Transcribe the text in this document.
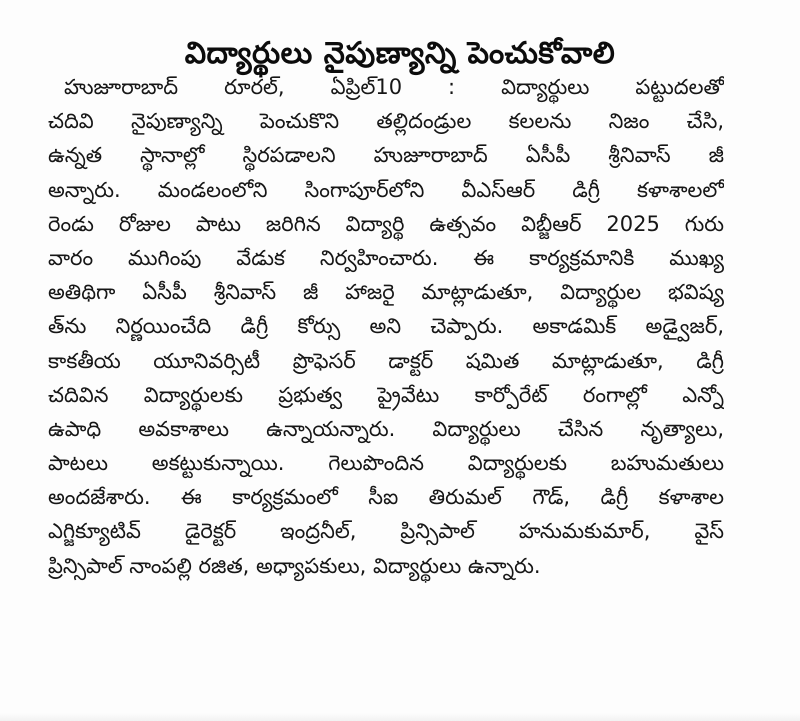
విద్యార్థులు నైపుణ్యాన్ని పెంచుకోవాలి
హుజూరాబాద్ రూరల్, ఏప్రిల్10 : విద్యార్థులు పట్టుదలతో
చదివి నైపుణ్యాన్ని పెంచుకొని తల్లిదండ్రుల కలలను నిజం చేసి,
ఉన్నత స్థానాల్లో స్థిరపడాలని హుజూరాబాద్ ఏసీపీ శ్రీనివాస్ జీ
అన్నారు. మండలంలోని సింగాపూర్‌లోని వీఎస్ఆర్ డిగ్రీ కళాశాలలో
రెండు రోజుల పాటు జరిగిన విద్యార్థి ఉత్సవం విబ్జీఆర్ 2025 గురు
వారం ముగింపు వేడుక నిర్వహించారు. ఈ కార్యక్రమానికి ముఖ్య
అతిథిగా ఏసీపీ శ్రీనివాస్ జీ హాజరై మాట్లాడుతూ, విద్యార్థుల భవిష్య
త్‌ను నిర్ణయించేది డిగ్రీ కోర్సు అని చెప్పారు. అకాడమిక్ అడ్వైజర్,
కాకతీయ యూనివర్సిటీ ప్రొఫెసర్ డాక్టర్ షమిత మాట్లాడుతూ, డిగ్రీ
చదివిన విద్యార్థులకు ప్రభుత్వ ప్రైవేటు కార్పోరేట్ రంగాల్లో ఎన్నో
ఉపాధి అవకాశాలు ఉన్నాయన్నారు. విద్యార్థులు చేసిన నృత్యాలు,
పాటలు అకట్టుకున్నాయి. గెలుపొందిన విద్యార్థులకు బహుమతులు
అందజేశారు. ఈ కార్యక్రమంలో సీఐ తిరుమల్ గౌడ్, డిగ్రీ కళాశాల
ఎగ్జిక్యూటివ్ డైరెక్టర్ ఇంద్రనీల్, ప్రిన్సిపాల్ హనుమకుమార్, వైస్
ప్రిన్సిపాల్ నాంపల్లి రజిత, అధ్యాపకులు, విద్యార్థులు ఉన్నారు.
